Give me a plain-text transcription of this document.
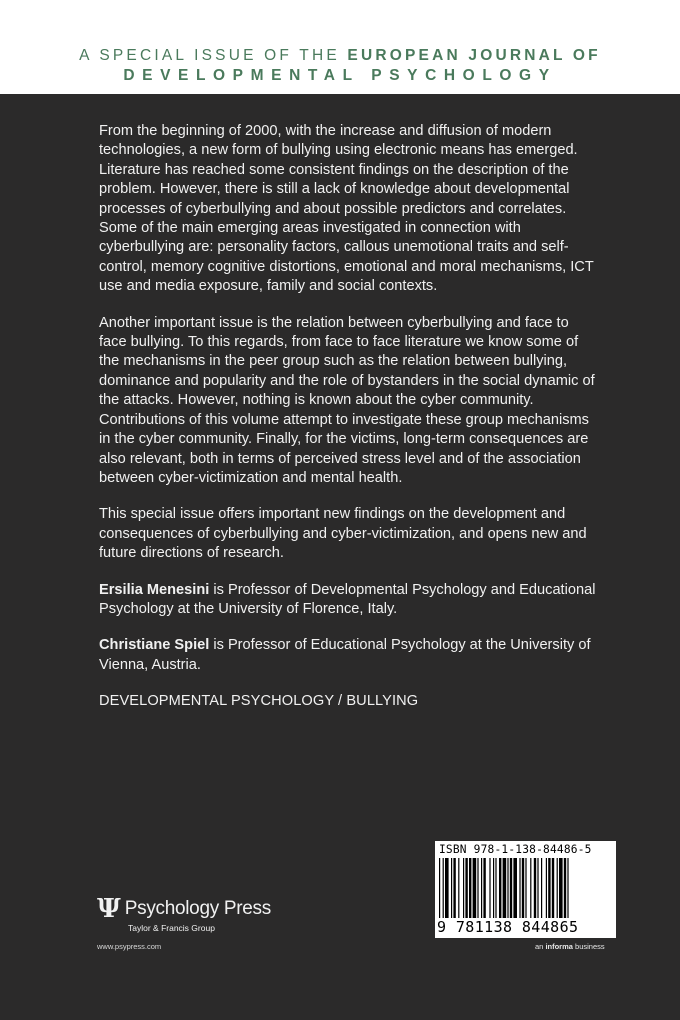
A SPECIAL ISSUE OF THE EUROPEAN JOURNAL OF
DEVELOPMENTAL PSYCHOLOGY

From the beginning of 2000, with the increase and diffusion of modern technologies, a new form of bullying using electronic means has emerged. Literature has reached some consistent findings on the description of the problem. However, there is still a lack of knowledge about developmental processes of cyberbullying and about possible predictors and correlates. Some of the main emerging areas investigated in connection with cyberbullying are: personality factors, callous unemotional traits and self-control, memory cognitive distortions, emotional and moral mechanisms, ICT use and media exposure, family and social contexts.

Another important issue is the relation between cyberbullying and face to face bullying. To this regards, from face to face literature we know some of the mechanisms in the peer group such as the relation between bullying, dominance and popularity and the role of bystanders in the social dynamic of the attacks. However, nothing is known about the cyber community. Contributions of this volume attempt to investigate these group mechanisms in the cyber community. Finally, for the victims, long-term consequences are also relevant, both in terms of perceived stress level and of the association between cyber-victimization and mental health.

This special issue offers important new findings on the development and consequences of cyberbullying and cyber-victimization, and opens new and future directions of research.

Ersilia Menesini is Professor of Developmental Psychology and Educational Psychology at the University of Florence, Italy.

Christiane Spiel is Professor of Educational Psychology at the University of Vienna, Austria.

DEVELOPMENTAL PSYCHOLOGY / BULLYING

Ψ Psychology Press
Taylor & Francis Group
www.psypress.com
ISBN 978-1-138-84486-5
9 781138 844865
an informa business
